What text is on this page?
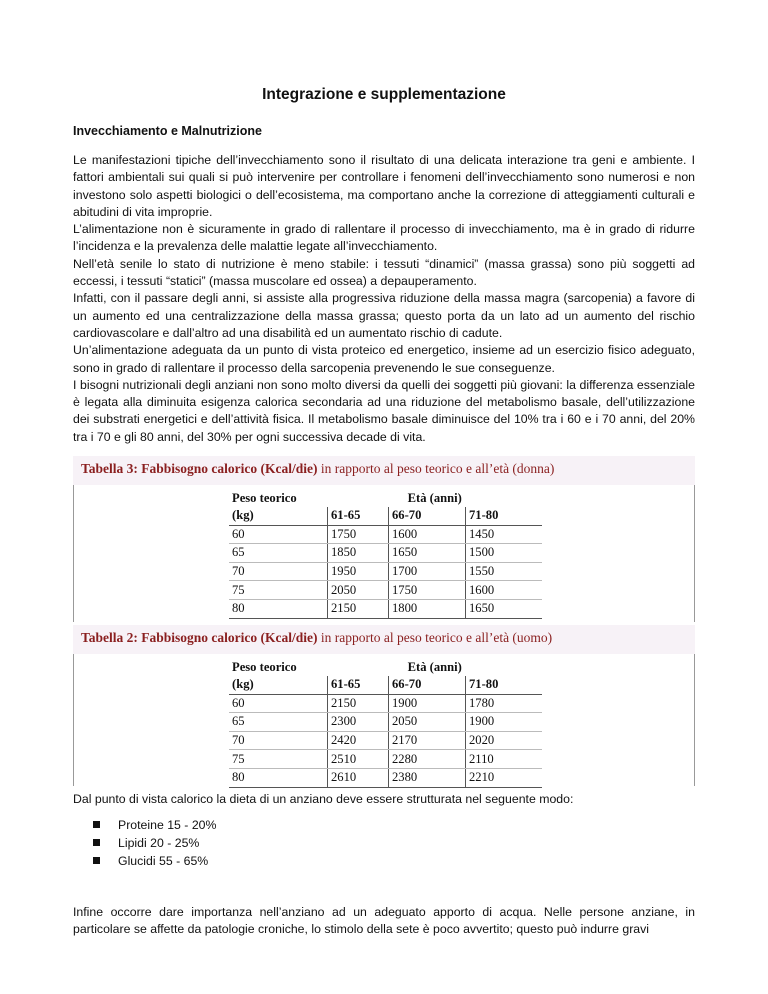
Integrazione e supplementazione
Invecchiamento e Malnutrizione

Le manifestazioni tipiche dell’invecchiamento sono il risultato di una delicata interazione tra geni e ambiente. I fattori ambientali sui quali si può intervenire per controllare i fenomeni dell’invecchiamento sono numerosi e non investono solo aspetti biologici o dell’ecosistema, ma comportano anche la correzione di atteggiamenti culturali e abitudini di vita improprie.

L’alimentazione non è sicuramente in grado di rallentare il processo di invecchiamento, ma è in grado di ridurre l’incidenza e la prevalenza delle malattie legate all’invecchiamento.

Nell’età senile lo stato di nutrizione è meno stabile: i tessuti “dinamici” (massa grassa) sono più soggetti ad eccessi, i tessuti “statici” (massa muscolare ed ossea) a depauperamento.

Infatti, con il passare degli anni, si assiste alla progressiva riduzione della massa magra (sarcopenia) a favore di un aumento ed una centralizzazione della massa grassa; questo porta da un lato ad un aumento del rischio cardiovascolare e dall’altro ad una disabilità ed un aumentato rischio di cadute.

Un’alimentazione adeguata da un punto di vista proteico ed energetico, insieme ad un esercizio fisico adeguato, sono in grado di rallentare il processo della sarcopenia prevenendo le sue conseguenze.

I bisogni nutrizionali degli anziani non sono molto diversi da quelli dei soggetti più giovani: la differenza essenziale è legata alla diminuita esigenza calorica secondaria ad una riduzione del metabolismo basale, dell’utilizzazione dei substrati energetici e dell’attività fisica. Il metabolismo basale diminuisce del 10% tra i 60 e i 70 anni, del 20% tra i 70 e gli 80 anni, del 30% per ogni successiva decade di vita.

Tabella 3: Fabbisogno calorico (Kcal/die) in rapporto al peso teorico e all’età (donna)
Peso teorico	Età (anni)		
(kg)	61-65	66-70	71-80
60	1750	1600	1450
65	1850	1650	1500
70	1950	1700	1550
75	2050	1750	1600
80	2150	1800	1650
Tabella 2: Fabbisogno calorico (Kcal/die) in rapporto al peso teorico e all’età (uomo)
Peso teorico	Età (anni)		
(kg)	61-65	66-70	71-80
60	2150	1900	1780
65	2300	2050	1900
70	2420	2170	2020
75	2510	2280	2110
80	2610	2380	2210
Dal punto di vista calorico la dieta di un anziano deve essere strutturata nel seguente modo:
Proteine 15 - 20%
Lipidi 20 - 25%
Glucidi 55 - 65%
Infine occorre dare importanza nell’anziano ad un adeguato apporto di acqua. Nelle persone anziane, in particolare se affette da patologie croniche, lo stimolo della sete è poco avvertito; questo può indurre gravi
